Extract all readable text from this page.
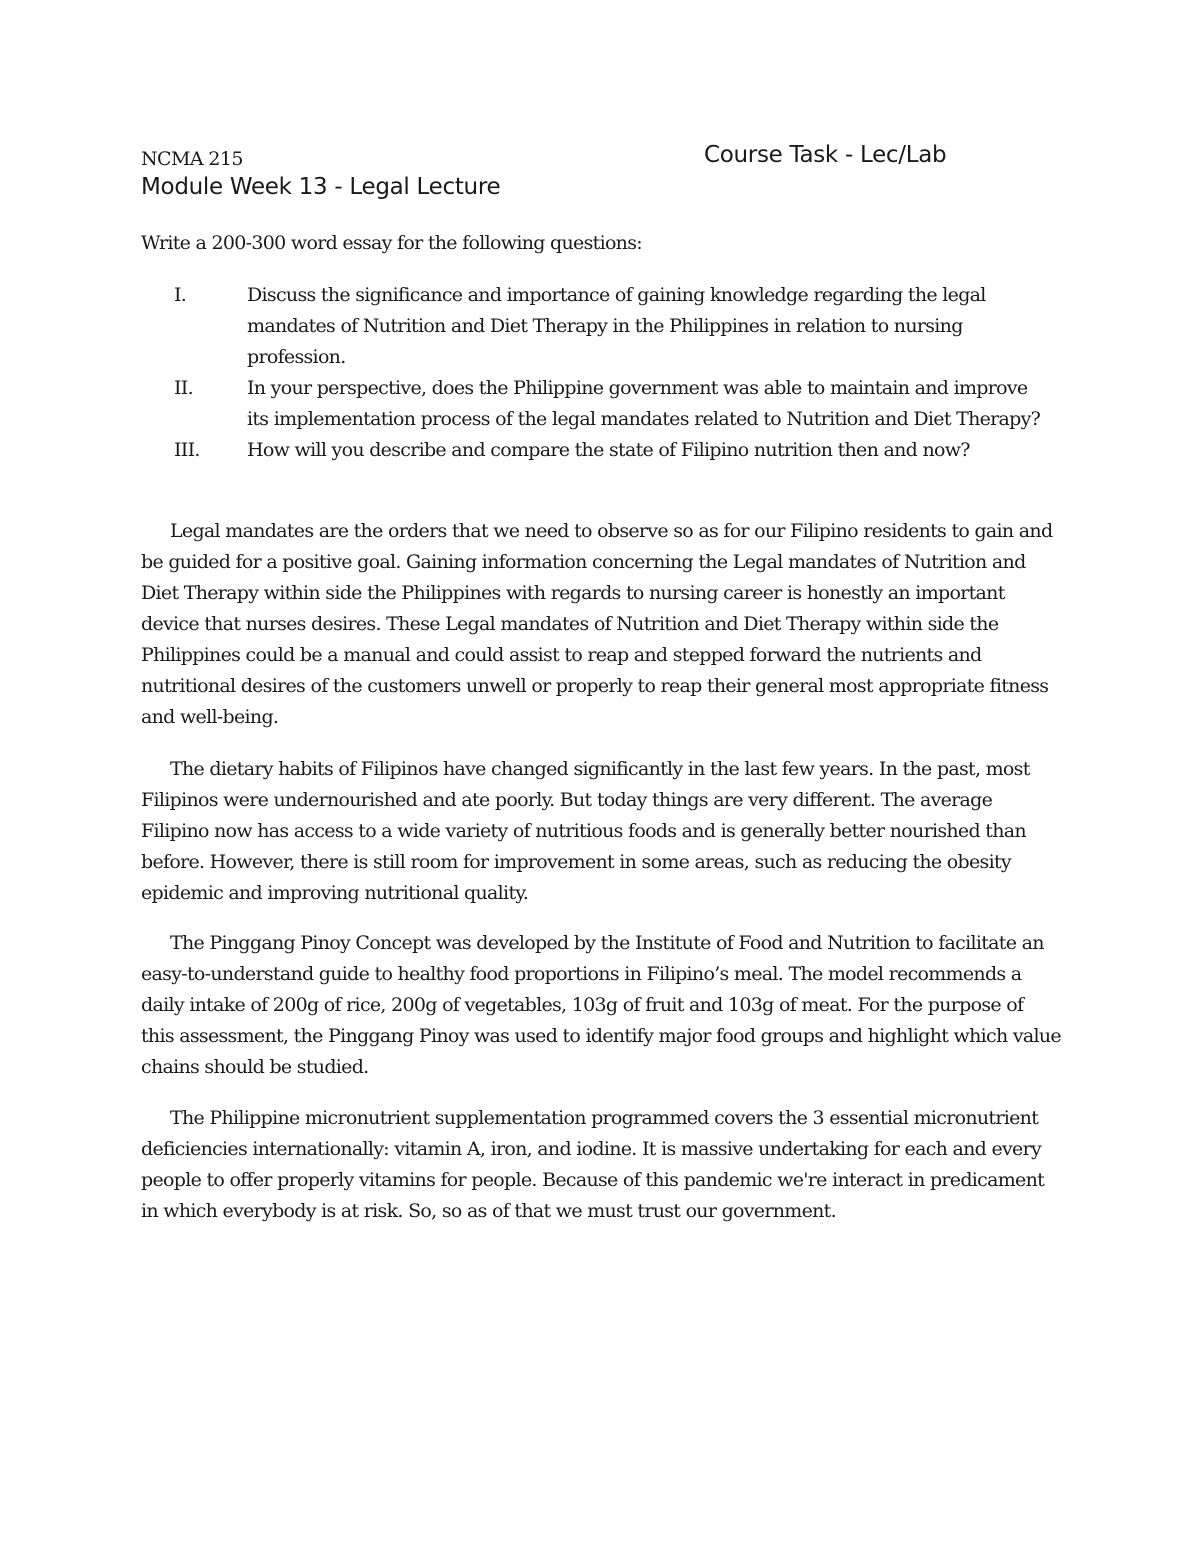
NCMA 215	Course Task - Lec/Lab
Module Week 13 - Legal Lecture
Write a 200-300 word essay for the following questions:
I.	Discuss the significance and importance of gaining knowledge regarding the legal mandates of Nutrition and Diet Therapy in the Philippines in relation to nursing profession.
II.	In your perspective, does the Philippine government was able to maintain and improve its implementation process of the legal mandates related to Nutrition and Diet Therapy?
III. How will you describe and compare the state of Filipino nutrition then and now?

Legal mandates are the orders that we need to observe so as for our Filipino residents to gain and be guided for a positive goal. Gaining information concerning the Legal mandates of Nutrition and Diet Therapy within side the Philippines with regards to nursing career is honestly an important device that nurses desires. These Legal mandates of Nutrition and Diet Therapy within side the Philippines could be a manual and could assist to reap and stepped forward the nutrients and nutritional desires of the customers unwell or properly to reap their general most appropriate fitness and well-being.

The dietary habits of Filipinos have changed significantly in the last few years. In the past, most Filipinos were undernourished and ate poorly. But today things are very different. The average Filipino now has access to a wide variety of nutritious foods and is generally better nourished than before. However, there is still room for improvement in some areas, such as reducing the obesity epidemic and improving nutritional quality.

The Pinggang Pinoy Concept was developed by the Institute of Food and Nutrition to facilitate an easy-to-understand guide to healthy food proportions in Filipino’s meal. The model recommends a daily intake of 200g of rice, 200g of vegetables, 103g of fruit and 103g of meat. For the purpose of this assessment, the Pinggang Pinoy was used to identify major food groups and highlight which value chains should be studied.

The Philippine micronutrient supplementation programmed covers the 3 essential micronutrient deficiencies internationally: vitamin A, iron, and iodine. It is massive undertaking for each and every people to offer properly vitamins for people. Because of this pandemic we're interact in predicament in which everybody is at risk. So, so as of that we must trust our government.
